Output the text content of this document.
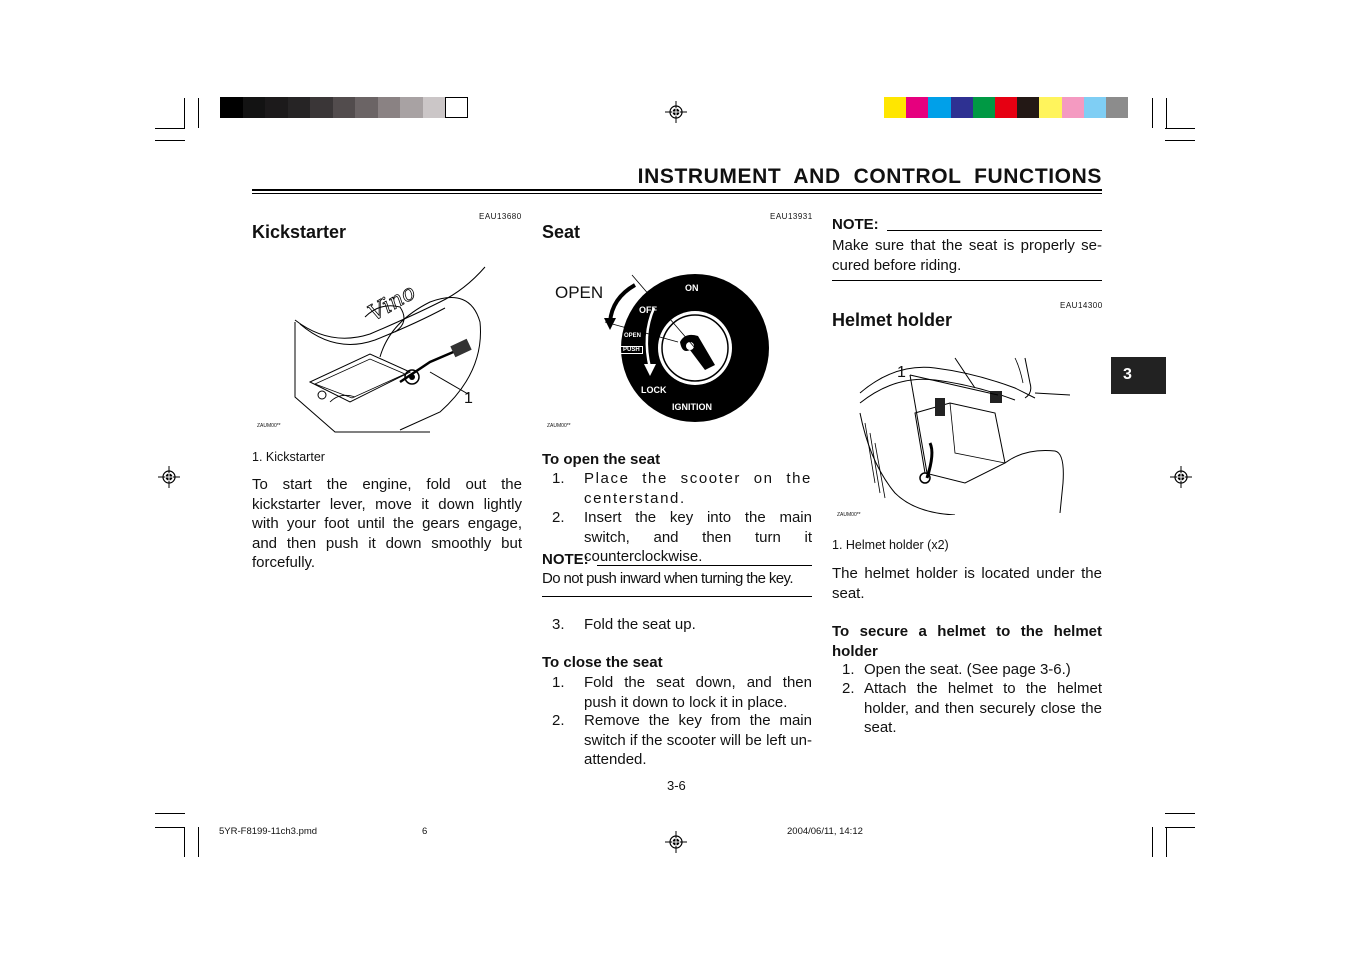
INSTRUMENT  AND  CONTROL  FUNCTIONS
EAU13680
Kickstarter
Vino
1
ZAUM00**
1. Kickstarter
To start the engine, fold out the kickstarter lever, move it down lightly with your foot until the gears engage, and then push it down smoothly but forcefully.
EAU13931
Seat
OPEN	ON
OFF
OPEN
PUSH
LOCK
IGNITION
ZAUM00**
To open the seat
1. Place the scooter on the centerstand.
2. Insert the key into the main switch, and then turn it counterclockwise.
NOTE:
Do not push inward when turning the key.
3. Fold the seat up.
To close the seat
1. Fold the seat down, and then push it down to lock it in place.
2. Remove the key from the main switch if the scooter will be left un-attended.
3-6
NOTE:
Make sure that the seat is properly se-cured before riding.
EAU14300
Helmet holder
1
ZAUM00**
1. Helmet holder (x2)
The helmet holder is located under the seat.
To secure a helmet to the helmet holder
1. Open the seat. (See page 3-6.)
2. Attach the helmet to the helmet holder, and then securely close the seat.
3
5YR-F8199-11ch3.pmd	6	2004/06/11, 14:12
